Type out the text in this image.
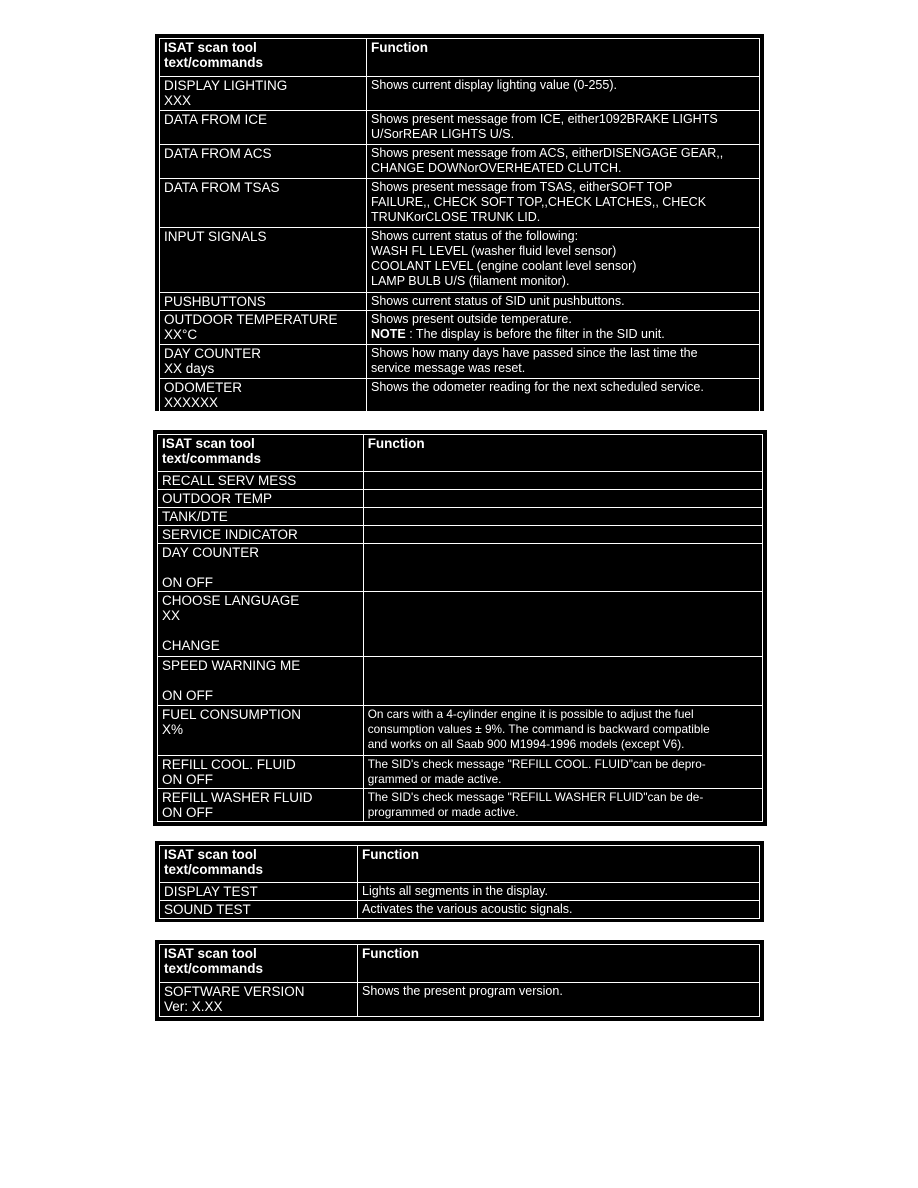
ISAT scan tool
text/commands	Function

DISPLAY LIGHTING
XXX	Shows current display lighting value (0-255).

DATA FROM ICE	Shows present message from ICE, either1092BRAKE LIGHTS
U/SorREAR LIGHTS U/S.

DATA FROM ACS	Shows present message from ACS, eitherDISENGAGE GEAR,,
CHANGE DOWNorOVERHEATED CLUTCH.

DATA FROM TSAS	Shows present message from TSAS, eitherSOFT TOP
FAILURE,, CHECK SOFT TOP,,CHECK LATCHES,, CHECK
TRUNKorCLOSE TRUNK LID.

INPUT SIGNALS	Shows current status of the following:
WASH FL LEVEL (washer fluid level sensor)
COOLANT LEVEL (engine coolant level sensor)
LAMP BULB U/S (filament monitor).

PUSHBUTTONS	Shows current status of SID unit pushbuttons.

OUTDOOR TEMPERATURE
XX°C	Shows present outside temperature.
NOTE : The display is before the filter in the SID unit.

DAY COUNTER
XX days	Shows how many days have passed since the last time the
service message was reset.

ODOMETER
XXXXXX	Shows the odometer reading for the next scheduled service.
ISAT scan tool
text/commands	Function

RECALL SERV MESS	

OUTDOOR TEMP	

TANK/DTE	

SERVICE INDICATOR	

DAY COUNTER

ON OFF	

CHOOSE LANGUAGE
XX

CHANGE	

SPEED WARNING ME

ON OFF	

FUEL CONSUMPTION
X%	On cars with a 4-cylinder engine it is possible to adjust the fuel
consumption values ± 9%. The command is backward compatible
and works on all Saab 900 M1994-1996 models (except V6).

REFILL COOL. FLUID
ON OFF	The SID's check message "REFILL COOL. FLUID"can be depro-
grammed or made active.

REFILL WASHER FLUID
ON OFF	The SID's check message "REFILL WASHER FLUID"can be de-
programmed or made active.
ISAT scan tool
text/commands	Function

DISPLAY TEST	Lights all segments in the display.

SOUND TEST	Activates the various acoustic signals.
ISAT scan tool
text/commands	Function

SOFTWARE VERSION
Ver: X.XX	Shows the present program version.
